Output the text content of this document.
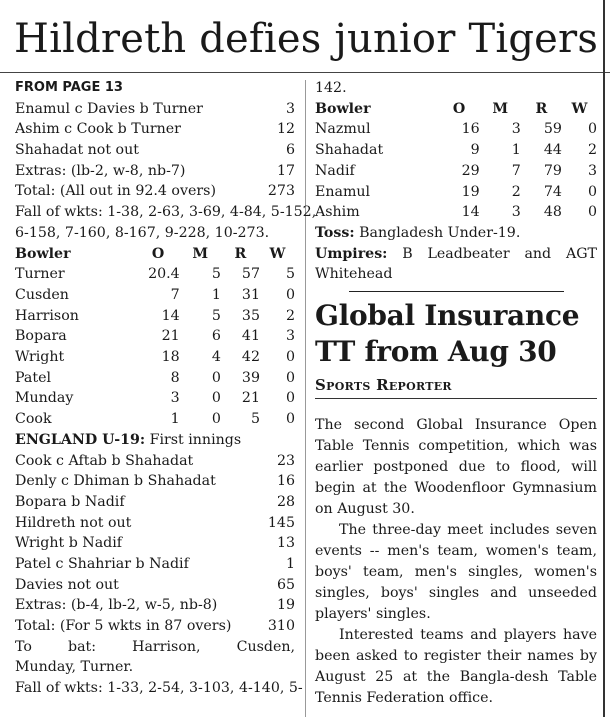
Hildreth defies junior Tigers
FROM PAGE 13
Enamul c Davies b Turner	3
Ashim c Cook b Turner	12
Shahadat not out	6
Extras: (lb-2, w-8, nb-7)	17
Total: (All out in 92.4 overs)	273
Fall of wkts: 1-38, 2-63, 3-69, 4-84, 5-152,
6-158, 7-160, 8-167, 9-228, 10-273.
Bowler	O	M	R	W
Turner	20.4	5	57	5
Cusden	7	1	31	0
Harrison	14	5	35	2
Bopara	21	6	41	3
Wright	18	4	42	0
Patel	8	0	39	0
Munday	3	0	21	0
Cook	1	0	5	0
ENGLAND U-19: First innings
Cook c Aftab b Shahadat	23
Denly c Dhiman b Shahadat	16
Bopara b Nadif	28
Hildreth not out	145
Wright b Nadif	13
Patel c Shahriar b Nadif	1
Davies not out	65
Extras: (b-4, lb-2, w-5, nb-8)	19
Total: (For 5 wkts in 87 overs)	310
To bat: Harrison, Cusden,
Munday, Turner.
Fall of wkts: 1-33, 2-54, 3-103, 4-140, 5-
142.
Bowler	O	M	R	W
Nazmul	16	3	59	0
Shahadat	9	1	44	2
Nadif	29	7	79	3
Enamul	19	2	74	0
Ashim	14	3	48	0
Toss: Bangladesh Under-19.
Umpires: B Leadbeater and AGT Whitehead
Global Insurance TT from Aug 30
Sports Reporter

The second Global Insurance Open Table Tennis competition, which was earlier postponed due to flood, will begin at the Woodenfloor Gymnasium on August 30.

The three-day meet includes seven events -- men's team, women's team, boys' team, men's singles, women's singles, boys' singles and unseeded players' singles.

Interested teams and players have been asked to register their names by August 25 at the Bangla-desh Table Tennis Federation office.
